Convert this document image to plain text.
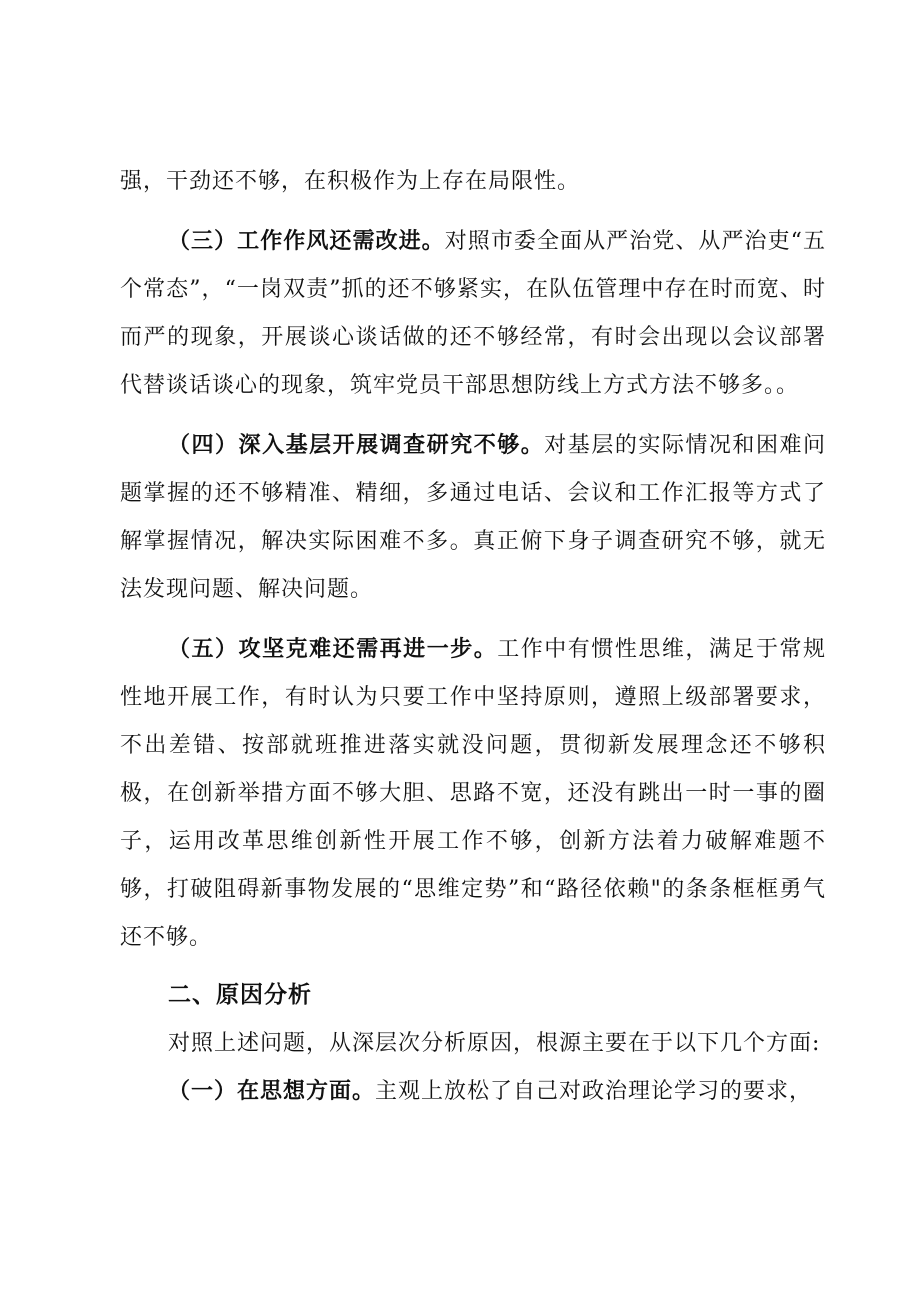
强，干劲还不够，在积极作为上存在局限性。

（三）工作作风还需改进。对照市委全面从严治党、从严治吏“五个常态”，“一岗双责”抓的还不够紧实，在队伍管理中存在时而宽、时而严的现象，开展谈心谈话做的还不够经常，有时会出现以会议部署代替谈话谈心的现象，筑牢党员干部思想防线上方式方法不够多。。

（四）深入基层开展调查研究不够。对基层的实际情况和困难问题掌握的还不够精准、精细，多通过电话、会议和工作汇报等方式了解掌握情况，解决实际困难不多。真正俯下身子调查研究不够，就无法发现问题、解决问题。

（五）攻坚克难还需再进一步。工作中有惯性思维，满足于常规性地开展工作，有时认为只要工作中坚持原则，遵照上级部署要求，不出差错、按部就班推进落实就没问题，贯彻新发展理念还不够积极，在创新举措方面不够大胆、思路不宽，还没有跳出一时一事的圈子，运用改革思维创新性开展工作不够，创新方法着力破解难题不够，打破阻碍新事物发展的“思维定势”和“路径依赖"的条条框框勇气还不够。

二、原因分析

对照上述问题，从深层次分析原因，根源主要在于以下几个方面:

（一）在思想方面。主观上放松了自己对政治理论学习的要求，
